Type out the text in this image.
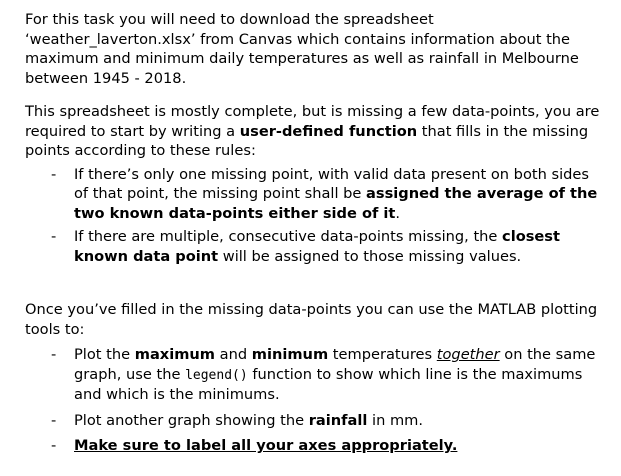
For this task you will need to download the spreadsheet
‘weather_laverton.xlsx’ from Canvas which contains information about the
maximum and minimum daily temperatures as well as rainfall in Melbourne
between 1945 - 2018.

This spreadsheet is mostly complete, but is missing a few data-points, you are required to start by writing a user-defined function that fills in the missing points according to these rules:

- If there’s only one missing point, with valid data present on both sides of that point, the missing point shall be assigned the average of the two known data-points either side of it.
- If there are multiple, consecutive data-points missing, the closest known data point will be assigned to those missing values.

Once you’ve filled in the missing data-points you can use the MATLAB plotting tools to:

- Plot the maximum and minimum temperatures together on the same graph, use the legend() function to show which line is the maximums and which is the minimums.
- Plot another graph showing the rainfall in mm.
- Make sure to label all your axes appropriately.
